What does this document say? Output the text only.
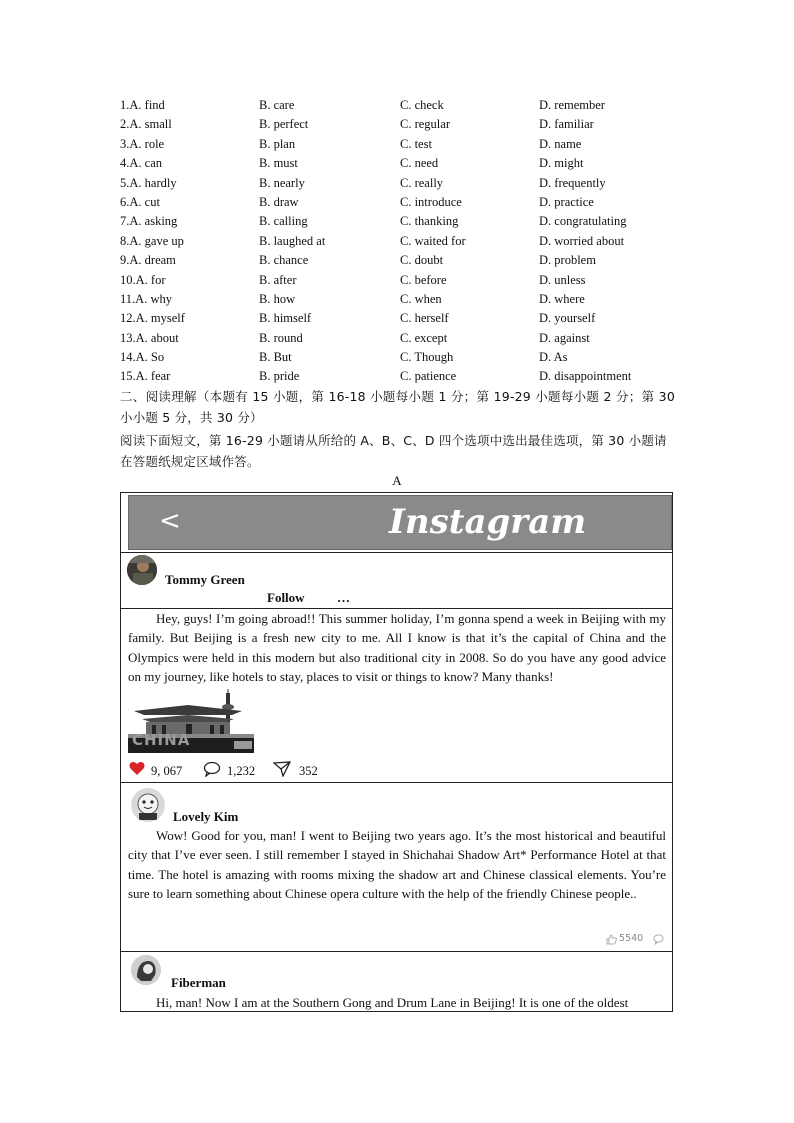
1.A. find	B. care	C. check	D. remember
2.A. small	B. perfect	C. regular	D. familiar
3.A. role	B. plan	C. test	D. name
4.A. can	B. must	C. need	D. might
5.A. hardly	B. nearly	C. really	D. frequently
6.A. cut	B. draw	C. introduce	D. practice
7.A. asking	B. calling	C. thanking	D. congratulating
8.A. gave up	B. laughed at	C. waited for	D. worried about
9.A. dream	B. chance	C. doubt	D. problem
10.A. for	B. after	C. before	D. unless
11.A. why	B. how	C. when	D. where
12.A. myself	B. himself	C. herself	D. yourself
13.A. about	B. round	C. except	D. against
14.A. So	B. But	C. Though	D. As
15.A. fear	B. pride	C. patience	D. disappointment
二、阅读理解（本题有 15 小题，第 16-18 小题每小题 1 分；第 19-29 小题每小题 2 分；第 30 小小题 5 分，共 30 分）
阅读下面短文，第 16-29 小题请从所给的 A、B、C、D 四个选项中选出最佳选项，第 30 小题请在答题纸规定区域作答。
A
<	Instagram
Tommy Green
Follow …
Hey, guys! I’m going abroad!! This summer holiday, I’m gonna spend a week in Beijing with my family. But Beijing is a fresh new city to me. All I know is that it’s the capital of China and the Olympics were held in this modern but also traditional city in 2008. So do you have any good advice on my journey, like hotels to stay, places to visit or things to know? Many thanks!
CHINA
9, 067	1,232	352
Lovely Kim
Wow! Good for you, man! I went to Beijing two years ago. It’s the most historical and beautiful city that I’ve ever seen. I still remember I stayed in Shichahai Shadow Art* Performance Hotel at that time. The hotel is amazing with rooms mixing the shadow art and Chinese classical elements. You’re sure to learn something about Chinese opera culture with the help of the friendly Chinese people..
5540
Fiberman
Hi, man! Now I am at the Southern Gong and Drum Lane in Beijing! It is one of the oldest
